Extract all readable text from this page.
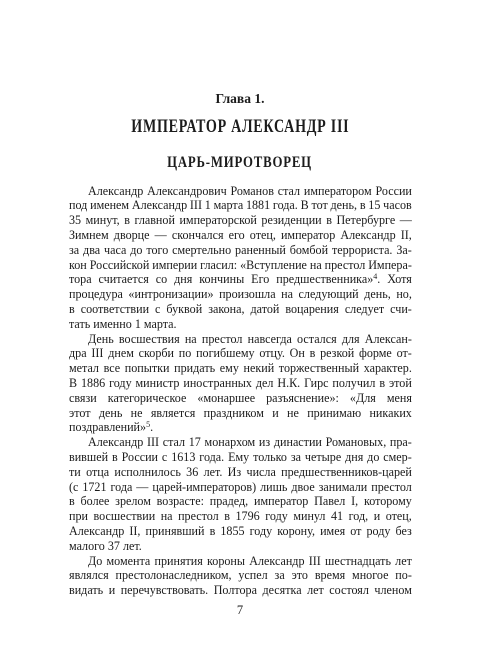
Глава 1.
ИМПЕРАТОР АЛЕКСАНДР III
ЦАРЬ-МИРОТВОРЕЦ
Александр Александрович Романов стал императором России
под именем Александр III 1 марта 1881 года. В тот день, в 15 часов
35 минут, в главной императорской резиденции в Петербурге —
Зимнем дворце — скончался его отец, император Александр II,
за два часа до того смертельно раненный бомбой террориста. За-
кон Российской империи гласил: «Вступление на престол Импера-
тора считается со дня кончины Его предшественника»$^4$. Хотя
процедура «интронизации» произошла на следующий день, но,
в соответствии с буквой закона, датой воцарения следует счи-
тать именно 1 марта.
День восшествия на престол навсегда остался для Алексан-
дра III днем скорби по погибшему отцу. Он в резкой форме от-
метал все попытки придать ему некий торжественный характер.
В 1886 году министр иностранных дел Н.К. Гирс получил в этой
связи категорическое «монаршее разъяснение»: «Для меня
этот день не является праздником и не принимаю никаких
поздравлений»$^5$.
Александр III стал 17 монархом из династии Романовых, пра-
вившей в России с 1613 года. Ему только за четыре дня до смер-
ти отца исполнилось 36 лет. Из числа предшественников-царей
(с 1721 года — царей-императоров) лишь двое занимали престол
в более зрелом возрасте: прадед, император Павел I, которому
при восшествии на престол в 1796 году минул 41 год, и отец,
Александр II, принявший в 1855 году корону, имея от роду без
малого 37 лет.
До момента принятия короны Александр III шестнадцать лет
являлся престолонаследником, успел за это время многое по-
видать и перечувствовать. Полтора десятка лет состоял членом
7
